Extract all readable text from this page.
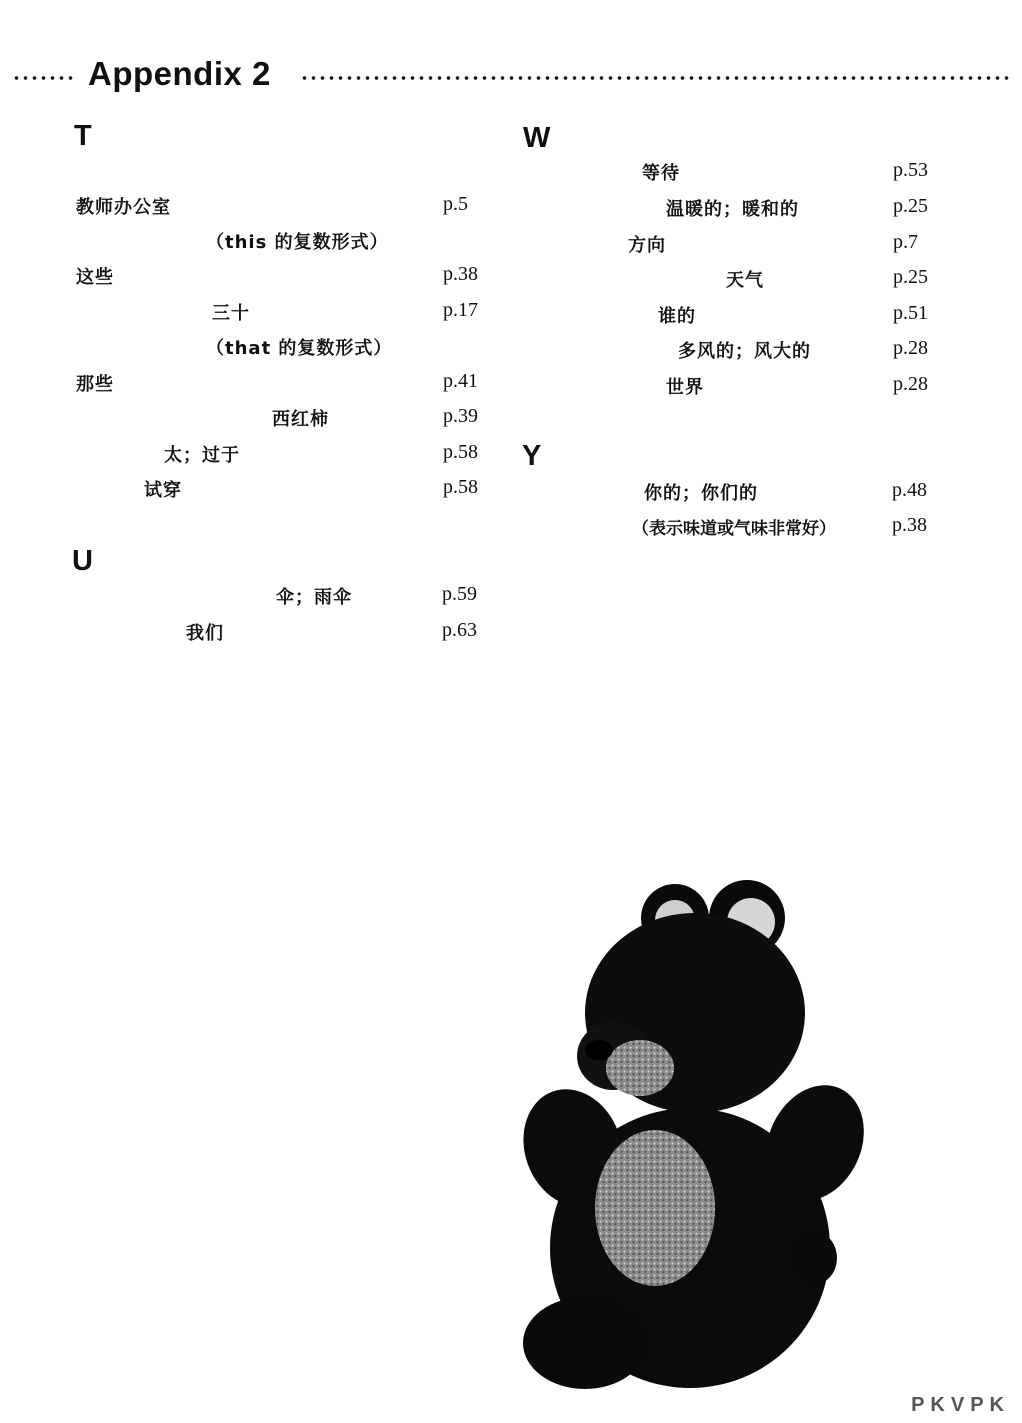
Appendix 2
T
教师办公室	p.5
（this 的复数形式）
这些	p.38
三十	p.17
（that 的复数形式）
那些	p.41
西红柿	p.39
太；过于	p.58
试穿	p.58
U
伞；雨伞	p.59
我们	p.63
W
等待	p.53
温暖的；暖和的	p.25
方向	p.7
天气	p.25
谁的	p.51
多风的；风大的	p.28
世界	p.28
Y
你的；你们的	p.48
（表示味道或气味非常好）	p.38
PKVPK
